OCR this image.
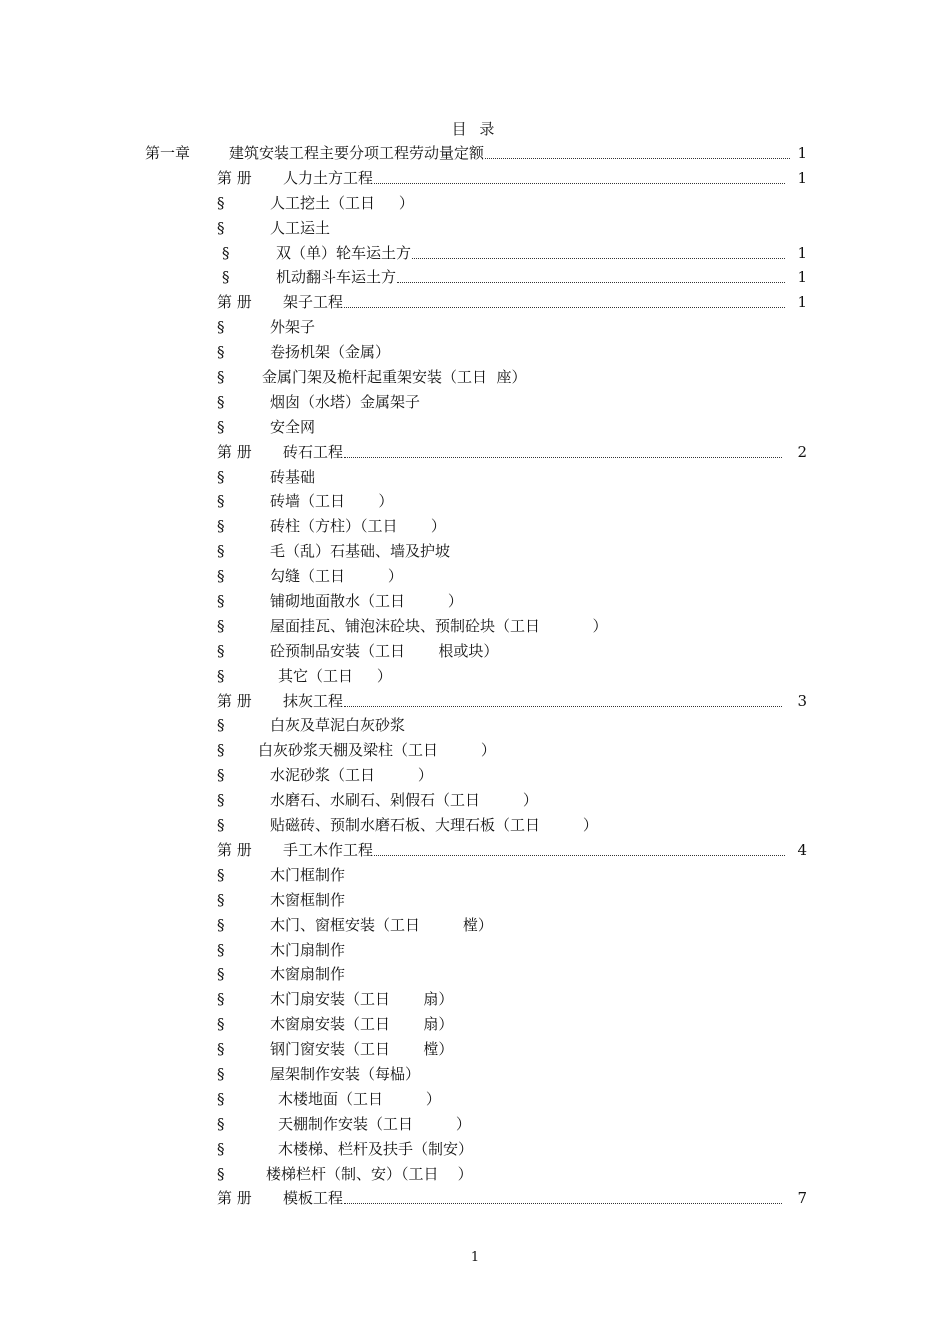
目 录
第一章	建筑安装工程主要分项工程劳动量定额	1
第 册 人力土方工程	1
§	人工挖土（工日     ）
§	人工运土
§	双（单）轮车运土方	1
§	机动翻斗车运土方	1
第 册 架子工程	1
§	外架子
§	卷扬机架（金属）
§	金属门架及桅杆起重架安装（工日  座）
§	烟囱（水塔）金属架子
§	安全网
第 册 砖石工程	2
§	砖基础
§	砖墙（工日       ）
§	砖柱（方柱）（工日       ）
§	毛（乱）石基础、墙及护坡
§	勾缝（工日         ）
§	铺砌地面散水（工日         ）
§	屋面挂瓦、铺泡沫砼块、预制砼块（工日           ）
§	砼预制品安装（工日       根或块）
§	其它（工日     ）
第 册 抹灰工程	3
§	白灰及草泥白灰砂浆
§ 白灰砂浆天棚及梁柱（工日         ）
§	水泥砂浆（工日         ）
§	水磨石、水刷石、剁假石（工日         ）
§	贴磁砖、预制水磨石板、大理石板（工日         ）
第 册 手工木作工程	4
§	木门框制作
§	木窗框制作
§	木门、窗框安装（工日         樘）
§	木门扇制作
§	木窗扇制作
§	木门扇安装（工日       扇）
§	木窗扇安装（工日       扇）
§	钢门窗安装（工日       樘）
§	屋架制作安装（每榀）
§	木楼地面（工日         ）
§	天棚制作安装（工日         ）
§	木楼梯、栏杆及扶手（制安）
§	楼梯栏杆（制、安）（工日    ）
第 册 模板工程	7
1
